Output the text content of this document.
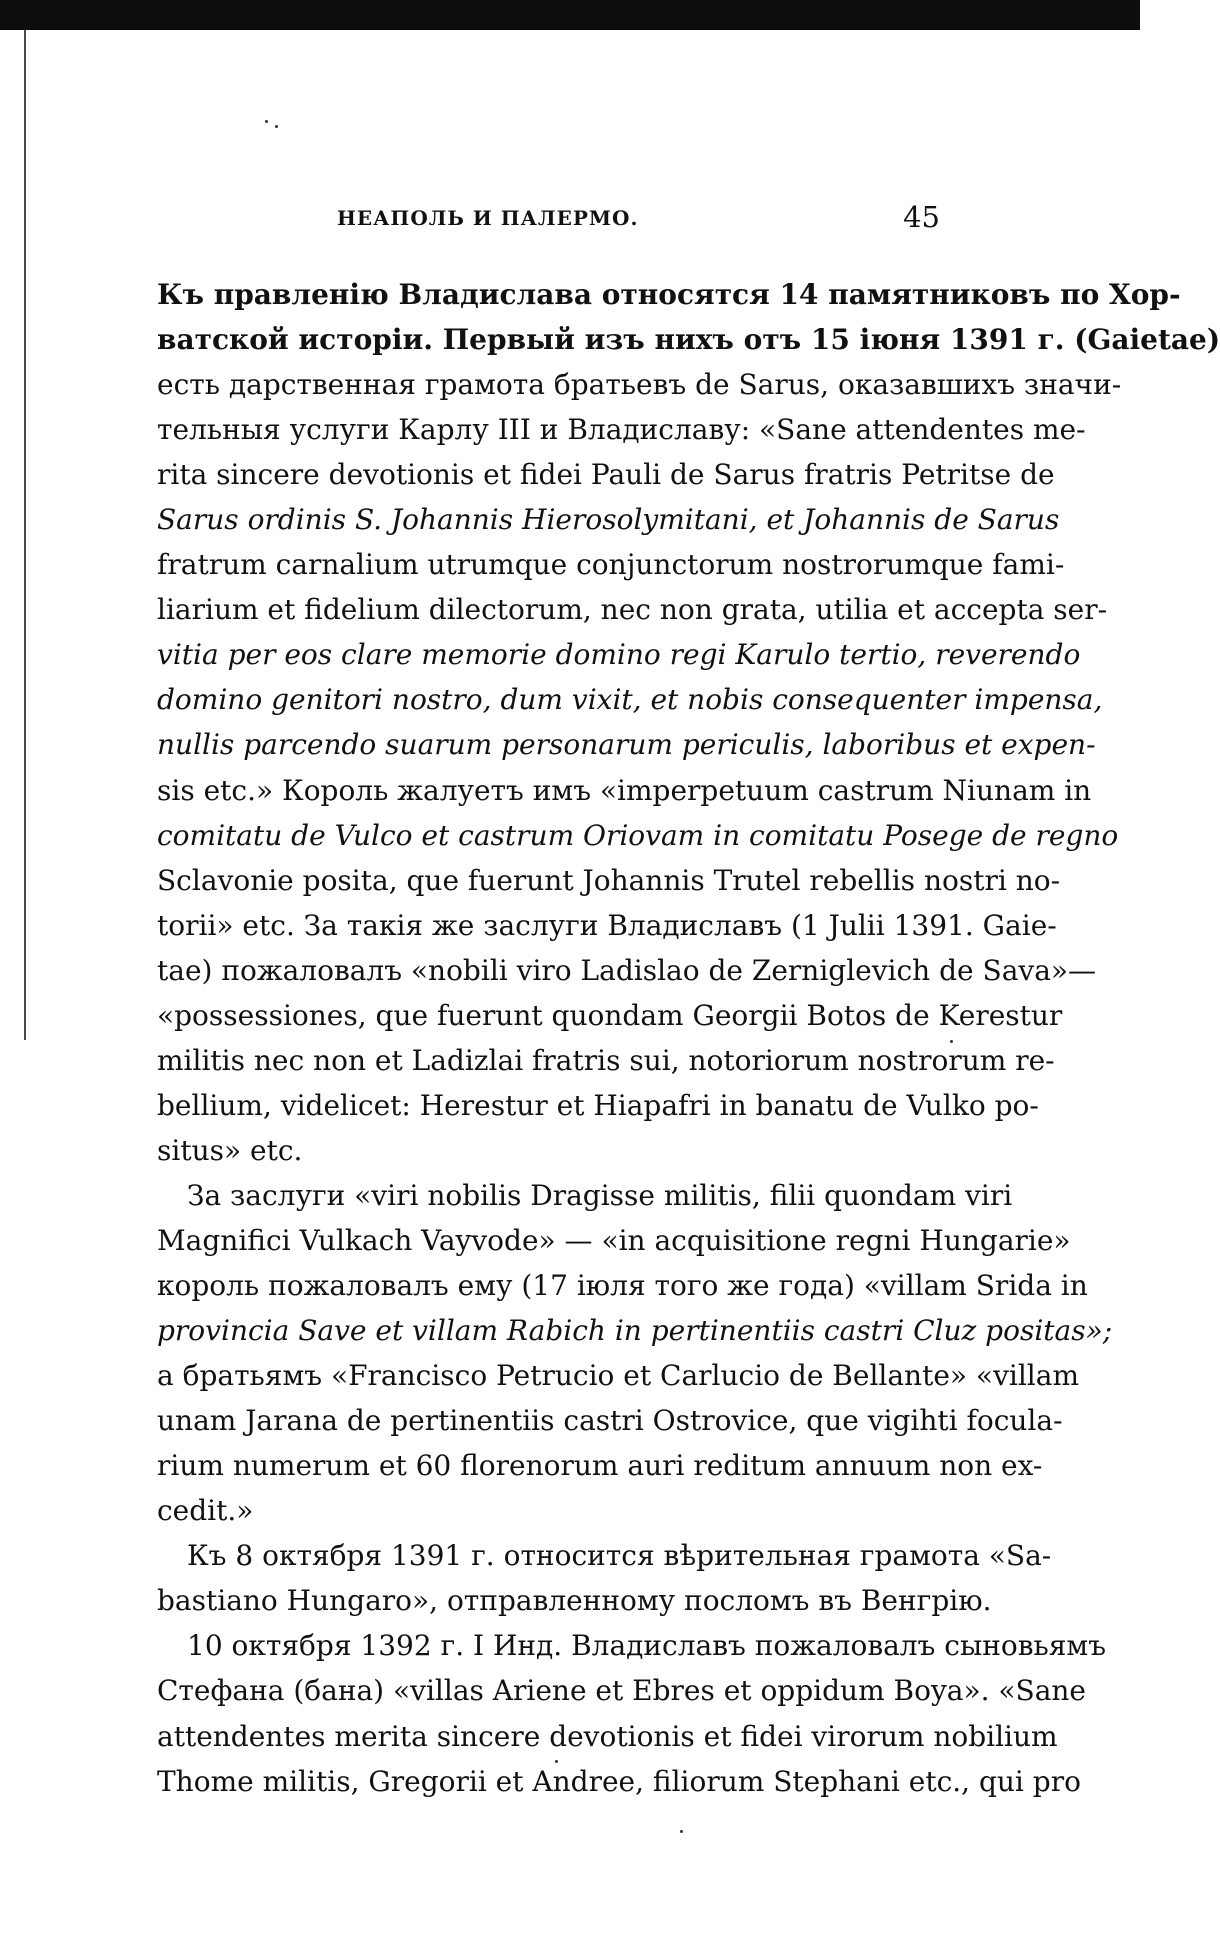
НЕАПОЛЬ И ПАЛЕРМО.	45
Къ правленію Владислава относятся 14 памятниковъ по Хор-
ватской исторіи. Первый изъ нихъ отъ 15 іюня 1391 г. (Gaietae)
есть дарственная грамота братьевъ de Sarus, оказавшихъ значи-
тельныя услуги Карлу III и Владиславу: «Sane attendentes me-
rita sincere devotionis et fidei Pauli de Sarus fratris Petritse de
Sarus ordinis S. Johannis Hierosolymitani, et Johannis de Sarus
fratrum carnalium utrumque conjunctorum nostrorumque fami-
liarium et fidelium dilectorum, nec non grata, utilia et accepta ser-
vitia per eos clare memorie domino regi Karulo tertio, reverendo
domino genitori nostro, dum vixit, et nobis consequenter impensa,
nullis parcendo suarum personarum periculis, laboribus et expen-
sis etc.» Король жалуетъ имъ «imperpetuum castrum Niunam in
comitatu de Vulco et castrum Oriovam in comitatu Posege de regno
Sclavonie posita, que fuerunt Johannis Trutel rebellis nostri no-
torii» etc. За такія же заслуги Владиславъ (1 Julii 1391. Gaie-
tae) пожаловалъ «nobili viro Ladislao de Zerniglevich de Sava»—
«possessiones, que fuerunt quondam Georgii Botos de Kerestur
militis nec non et Ladizlai fratris sui, notoriorum nostrorum re-
bellium, videlicet: Herestur et Hiapafri in banatu de Vulko po-
situs» etc.
За заслуги «viri nobilis Dragisse militis, filii quondam viri
Magnifici Vulkach Vayvode» — «in acquisitione regni Hungarie»
король пожаловалъ ему (17 іюля того же года) «villam Srida in
provincia Save et villam Rabich in pertinentiis castri Cluz positas»;
а братьямъ «Francisco Petrucio et Carlucio de Bellante» «villam
unam Jarana de pertinentiis castri Ostrovice, que vigihti focula-
rium numerum et 60 florenorum auri reditum annuum non ex-
cedit.»
Къ 8 октября 1391 г. относится вѣрительная грамота «Sa-
bastiano Hungaro», отправленному посломъ въ Венгрію.
10 октября 1392 г. I Инд. Владиславъ пожаловалъ сыновьямъ
Стефана (бана) «villas Ariene et Ebres et oppidum Boya». «Sane
attendentes merita sincere devotionis et fidei virorum nobilium
Thome militis, Gregorii et Andree, filiorum Stephani etc., qui pro
